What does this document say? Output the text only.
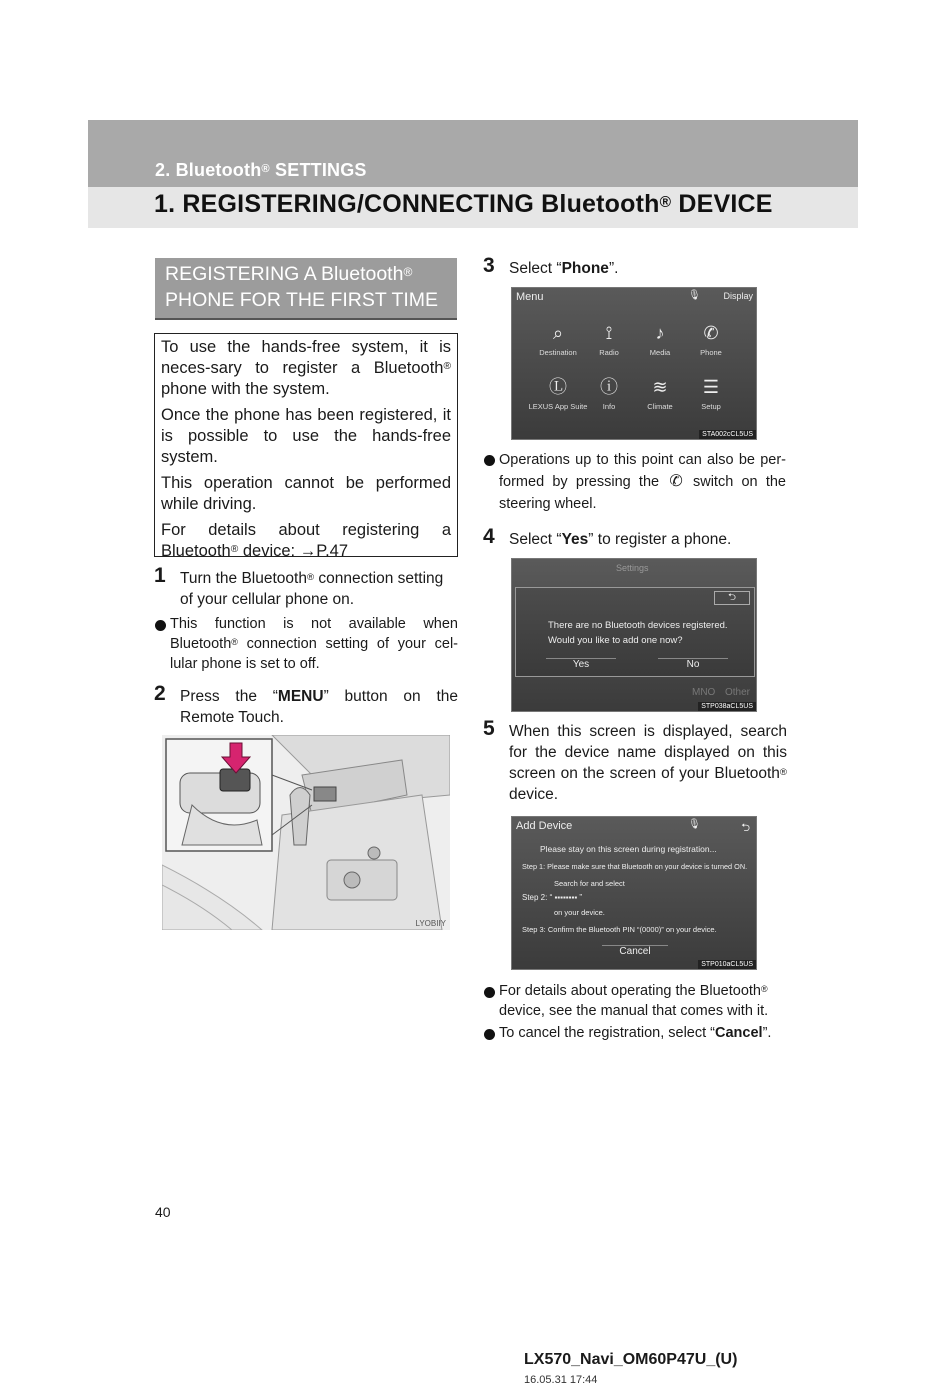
2. Bluetooth® SETTINGS
1. REGISTERING/CONNECTING Bluetooth® DEVICE
REGISTERING A Bluetooth®
PHONE FOR THE FIRST TIME

To use the hands-free system, it is neces-sary to register a Bluetooth® phone with the system.

Once the phone has been registered, it is possible to use the hands-free system.

This operation cannot be performed while driving.

For details about registering a Bluetooth® device: →P.47

1 Turn the Bluetooth® connection setting of your cellular phone on.
This function is not available when Bluetooth® connection setting of your cel-lular phone is set to off.
2 Press the “MENU” button on the Remote Touch.
LYOBIIY
3 Select “Phone”.
Menu	🎙	Display
⌕
Destination
⟟
Radio
♪
Media
✆
Phone
Ⓛ
LEXUS App Suite
ⓘ
Info
≋
Climate
☰
Setup
STA002cCL5US
Operations up to this point can also be per-formed by pressing the ✆ switch on the steering wheel.
4 Select “Yes” to register a phone.
Settings
⮌
There are no Bluetooth devices registered.
Would you like to add one now?
Yes	No
MNO Other
STP038aCL5US
5 When this screen is displayed, search for the device name displayed on this screen on the screen of your Bluetooth® device.
Add Device	🎙	⮌
Please stay on this screen during registration...
Step 1: Please make sure that Bluetooth on your device is turned ON.
Search for and select
Step 2: “ ▪▪▪▪▪▪▪▪ ”
on your device.
Step 3: Confirm the Bluetooth PIN “(0000)” on your device.
Cancel
STP010aCL5US
For details about operating the Bluetooth® device, see the manual that comes with it.
To cancel the registration, select “Cancel”.
40
LX570_Navi_OM60P47U_(U)
16.05.31 17:44
